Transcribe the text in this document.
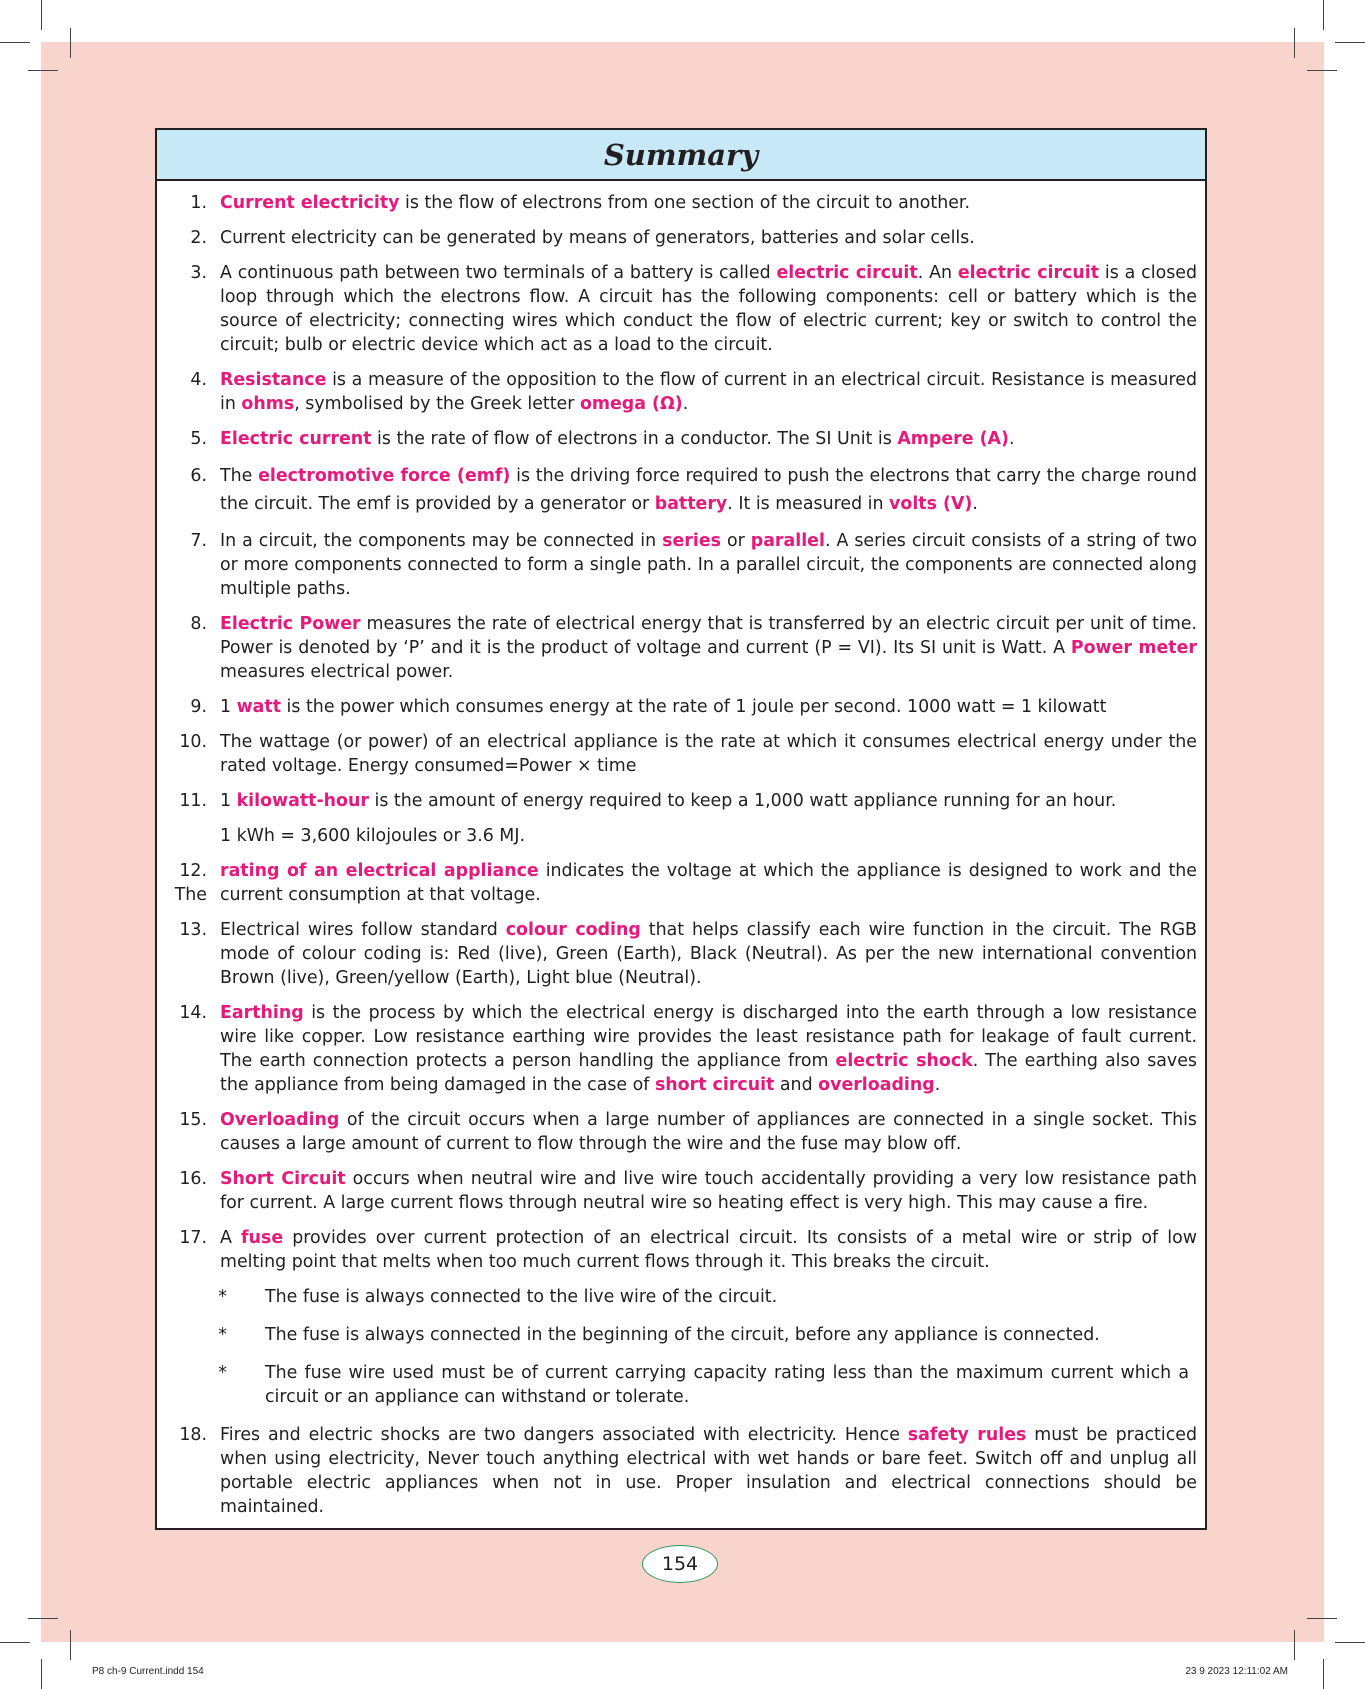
Summary
1. Current electricity is the flow of electrons from one section of the circuit to another.
2. Current electricity can be generated by means of generators, batteries and solar cells.
3. A continuous path between two terminals of a battery is called electric circuit. An electric circuit is a closed loop through which the electrons flow. A circuit has the following components: cell or battery which is the source of electricity; connecting wires which conduct the flow of electric current; key or switch to control the circuit; bulb or electric device which act as a load to the circuit.
4. Resistance is a measure of the opposition to the flow of current in an electrical circuit. Resistance is measured in ohms, symbolised by the Greek letter omega (Ω).
5. Electric current is the rate of flow of electrons in a conductor. The SI Unit is Ampere (A).
6. The electromotive force (emf) is the driving force required to push the electrons that carry the charge round the circuit. The emf is provided by a generator or battery. It is measured in volts (V).
7. In a circuit, the components may be connected in series or parallel. A series circuit consists of a string of two or more components connected to form a single path. In a parallel circuit, the components are connected along multiple paths.
8. Electric Power measures the rate of electrical energy that is transferred by an electric circuit per unit of time. Power is denoted by ‘P’ and it is the product of voltage and current (P = VI). Its SI unit is Watt. A Power meter measures electrical power.
9. 1 watt is the power which consumes energy at the rate of 1 joule per second. 1000 watt = 1 kilowatt
10. The wattage (or power) of an electrical appliance is the rate at which it consumes electrical energy under the rated voltage. Energy consumed=Power × time
11. 1 kilowatt-hour is the amount of energy required to keep a 1,000 watt appliance running for an hour.
1 kWh = 3,600 kilojoules or 3.6 MJ.
12. The
rating of an electrical appliance indicates the voltage at which the appliance is designed to work and the current consumption at that voltage.
13. Electrical wires follow standard colour coding that helps classify each wire function in the circuit. The RGB mode of colour coding is: Red (live), Green (Earth), Black (Neutral). As per the new international convention Brown (live), Green/yellow (Earth), Light blue (Neutral).
14. Earthing is the process by which the electrical energy is discharged into the earth through a low resistance wire like copper. Low resistance earthing wire provides the least resistance path for leakage of fault current. The earth connection protects a person handling the appliance from electric shock. The earthing also saves the appliance from being damaged in the case of short circuit and overloading.
15. Overloading of the circuit occurs when a large number of appliances are connected in a single socket. This causes a large amount of current to flow through the wire and the fuse may blow off.
16. Short Circuit occurs when neutral wire and live wire touch accidentally providing a very low resistance path for current. A large current flows through neutral wire so heating effect is very high. This may cause a fire.
17. A fuse provides over current protection of an electrical circuit. Its consists of a metal wire or strip of low melting point that melts when too much current flows through it. This breaks the circuit.
* The fuse is always connected to the live wire of the circuit.
* The fuse is always connected in the beginning of the circuit, before any appliance is connected.
* The fuse wire used must be of current carrying capacity rating less than the maximum current which a circuit or an appliance can withstand or tolerate.
18. Fires and electric shocks are two dangers associated with electricity. Hence safety rules must be practiced when using electricity, Never touch anything electrical with wet hands or bare feet. Switch off and unplug all portable electric appliances when not in use. Proper insulation and electrical connections should be maintained.
154
P8 ch-9 Current.indd 154	23 9 2023 12:11:02 AM
